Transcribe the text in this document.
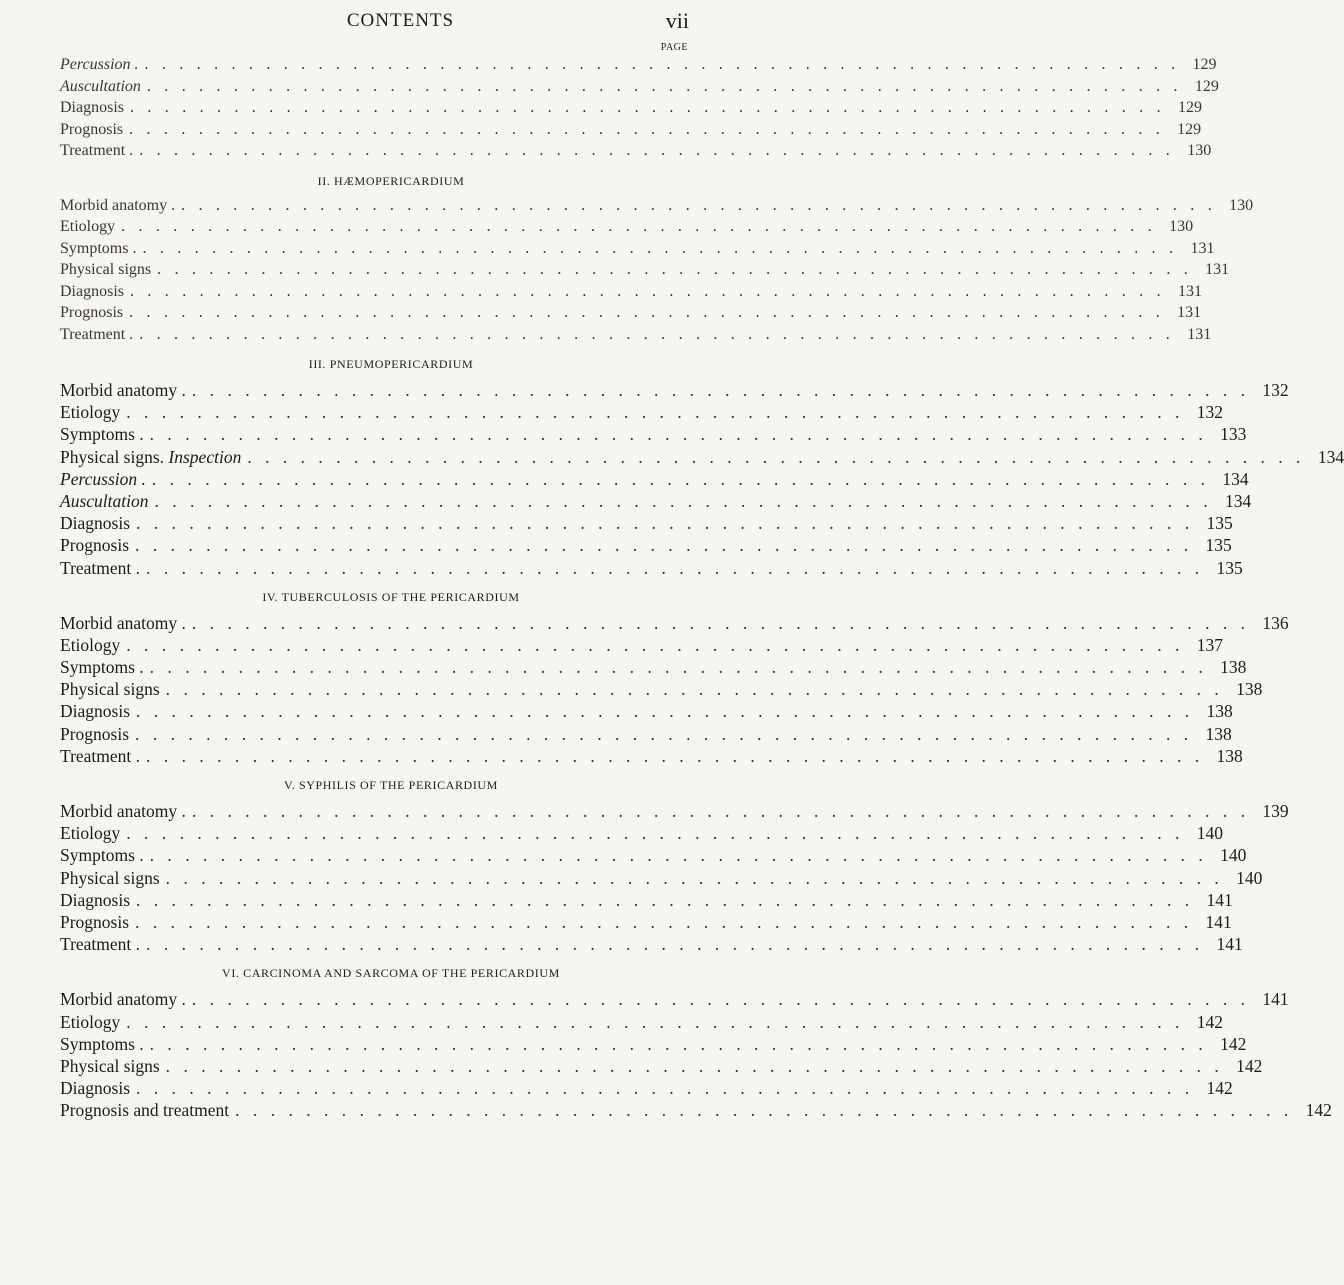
CONTENTS	vii
PAGE
Percussion . ............................................................ 129
Auscultation ............................................................ 129
Diagnosis ............................................................ 129
Prognosis ............................................................ 129
Treatment . ............................................................ 130
II. HÆMOPERICARDIUM
Morbid anatomy . ............................................................ 130
Etiology ............................................................ 130
Symptoms . ............................................................ 131
Physical signs ............................................................ 131
Diagnosis ............................................................ 131
Prognosis ............................................................ 131
Treatment . ............................................................ 131
III. PNEUMOPERICARDIUM
Morbid anatomy . ............................................................ 132
Etiology ............................................................ 132
Symptoms . ............................................................ 133
Physical signs. Inspection ............................................................ 134
Percussion . ............................................................ 134
Auscultation ............................................................ 134
Diagnosis ............................................................ 135
Prognosis ............................................................ 135
Treatment . ............................................................ 135
IV. TUBERCULOSIS OF THE PERICARDIUM
Morbid anatomy . ............................................................ 136
Etiology ............................................................ 137
Symptoms . ............................................................ 138
Physical signs ............................................................ 138
Diagnosis ............................................................ 138
Prognosis ............................................................ 138
Treatment . ............................................................ 138
V. SYPHILIS OF THE PERICARDIUM
Morbid anatomy . ............................................................ 139
Etiology ............................................................ 140
Symptoms . ............................................................ 140
Physical signs ............................................................ 140
Diagnosis ............................................................ 141
Prognosis ............................................................ 141
Treatment . ............................................................ 141
VI. CARCINOMA AND SARCOMA OF THE PERICARDIUM
Morbid anatomy . ............................................................ 141
Etiology ............................................................ 142
Symptoms . ............................................................ 142
Physical signs ............................................................ 142
Diagnosis ............................................................ 142
Prognosis and treatment ............................................................ 142
